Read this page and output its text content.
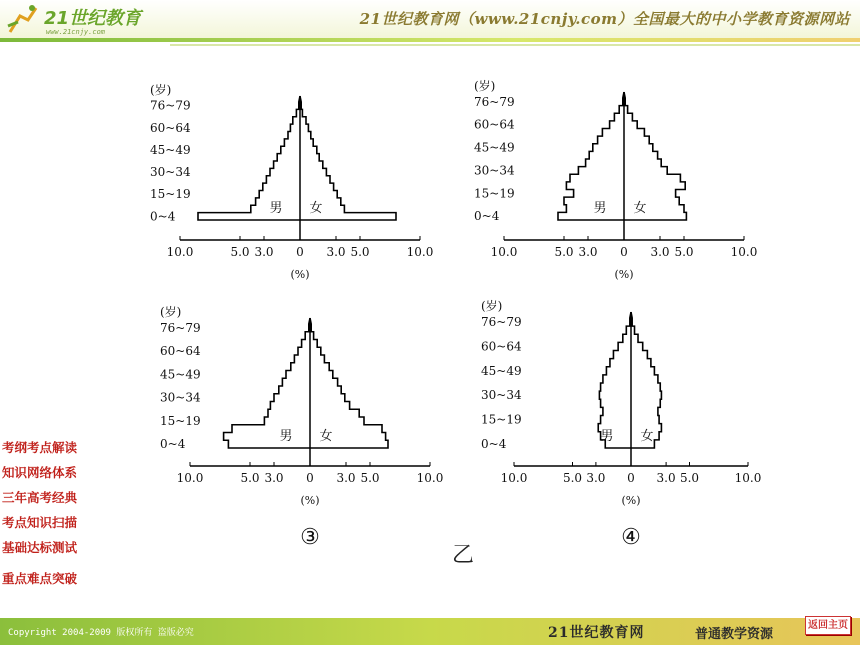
21世纪教育
www.21cnjy.com
21世纪教育网（www.21cnjy.com）全国最大的中小学教育资源网站
(岁)
76~79
60~64
45~49
30~34
15~19
0~4
10.0	5.0 3.0 0 3.0 5.0	10.0
(%)
男 女
(岁)
76~79
60~64
45~49
30~34
15~19
0~4
10.0	5.0 3.0 0 3.0 5.0	10.0
(%)
男 女
(岁)
76~79
60~64
45~49
30~34
15~19
0~4
10.0	5.0 3.0 0 3.0 5.0	10.0
(%)
男 女
③
(岁)
76~79
60~64
45~49
30~34
15~19
0~4
10.0	5.0 3.0 0 3.0 5.0	10.0
(%)
男 女
④
乙
考纲考点解读
知识网络体系
三年高考经典
考点知识扫描
基础达标测试
重点难点突破
Copyright 2004-2009 版权所有 盗版必究	21世纪教育网	普通教学资源
返回主页
